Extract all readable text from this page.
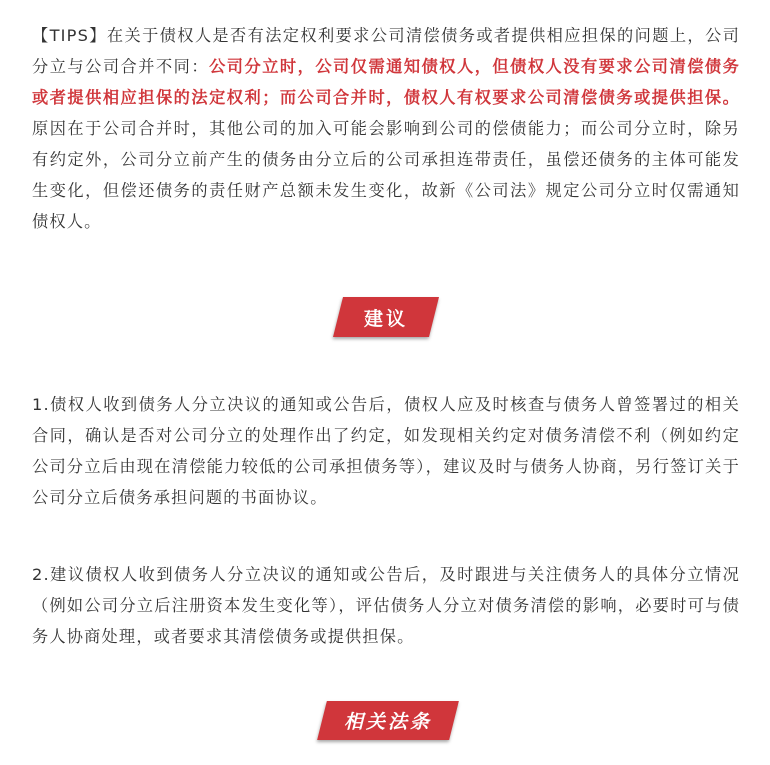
【TIPS】在关于债权人是否有法定权利要求公司清偿债务或者提供相应担保的问题上，公司分立与公司合并不同：公司分立时，公司仅需通知债权人，但债权人没有要求公司清偿债务或者提供相应担保的法定权利；而公司合并时，债权人有权要求公司清偿债务或提供担保。原因在于公司合并时，其他公司的加入可能会影响到公司的偿债能力；而公司分立时，除另有约定外，公司分立前产生的债务由分立后的公司承担连带责任，虽偿还债务的主体可能发生变化，但偿还债务的责任财产总额未发生变化，故新《公司法》规定公司分立时仅需通知债权人。

建议

1.债权人收到债务人分立决议的通知或公告后，债权人应及时核查与债务人曾签署过的相关合同，确认是否对公司分立的处理作出了约定，如发现相关约定对债务清偿不利（例如约定公司分立后由现在清偿能力较低的公司承担债务等），建议及时与债务人协商，另行签订关于公司分立后债务承担问题的书面协议。

2.建议债权人收到债务人分立决议的通知或公告后，及时跟进与关注债务人的具体分立情况（例如公司分立后注册资本发生变化等），评估债务人分立对债务清偿的影响，必要时可与债务人协商处理，或者要求其清偿债务或提供担保。

相关法条
